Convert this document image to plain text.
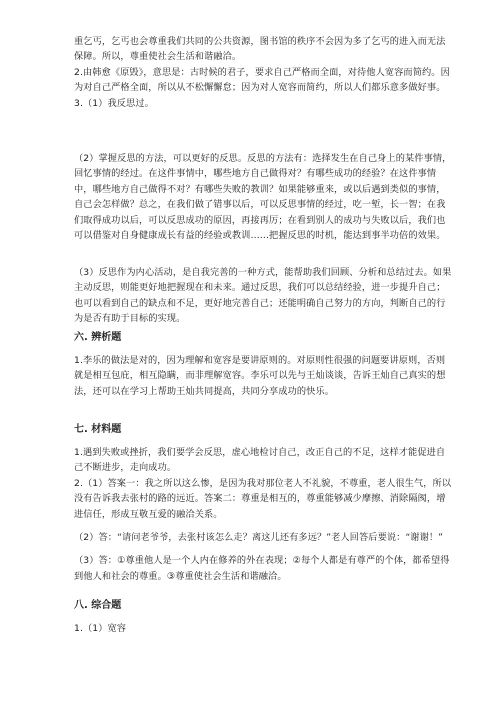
重乞丐，乞丐也会尊重我们共同的公共资源，图书馆的秩序不会因为多了乞丐的进入而无法保障。所以，尊重使社会生活和谐融洽。

2.由韩愈《原毁》，意思是：古时候的君子，要求自己严格而全面，对待他人宽容而简约。因为对自己严格全面，所以从不松懈懈怠；因为对人宽容而简约，所以人们都乐意多做好事。

3.（1）我反思过。

（2）掌握反思的方法，可以更好的反思。反思的方法有：选择发生在自己身上的某件事情，回忆事情的经过。在这件事情中，哪些地方自己做得对？有哪些成功的经验？在这件事情中，哪些地方自己做得不对？有哪些失败的教训？如果能够重来，或以后遇到类似的事情，自己会怎样做？总之，在我们做了错事以后，可以反思事情的经过，吃一堑，长一智；在我们取得成功以后，可以反思成功的原因，再接再厉；在看到别人的成功与失败以后，我们也可以借鉴对自身健康成长有益的经验或教训……把握反思的时机，能达到事半功倍的效果。

（3）反思作为内心活动，是自我完善的一种方式，能帮助我们回顾、分析和总结过去。如果主动反思，则能更好地把握现在和未来。通过反思，我们可以总结经验，进一步提升自己；也可以看到自己的缺点和不足，更好地完善自己；还能明确自己努力的方向，判断自己的行为是否有助于目标的实现。

六. 辨析题

1.李乐的做法是对的，因为理解和宽容是要讲原则的。对原则性很强的问题要讲原则，否则就是相互包庇，相互隐瞒，而非理解宽容。李乐可以先与王灿谈谈，告诉王灿自己真实的想法，还可以在学习上帮助王灿共同提高，共同分享成功的快乐。

七. 材料题

1.遇到失败或挫折，我们要学会反思，虚心地检讨自己，改正自己的不足，这样才能促进自己不断进步，走向成功。

2.（1）答案一：我之所以这么惨，是因为我对那位老人不礼貌，不尊重，老人很生气，所以没有告诉我去张村的路的远近。答案二：尊重是相互的，尊重能够减少摩擦、消除隔阂，增进信任，形成互敬互爱的融洽关系。

（2）答：“请问老爷爷，去张村该怎么走？离这儿还有多远？”老人回答后要说：“谢谢！”

（3）答：①尊重他人是一个人内在修养的外在表现；②每个人都是有尊严的个体，都希望得到他人和社会的尊重。③尊重使社会生活和谐融洽。

八. 综合题

1.（1）宽容
